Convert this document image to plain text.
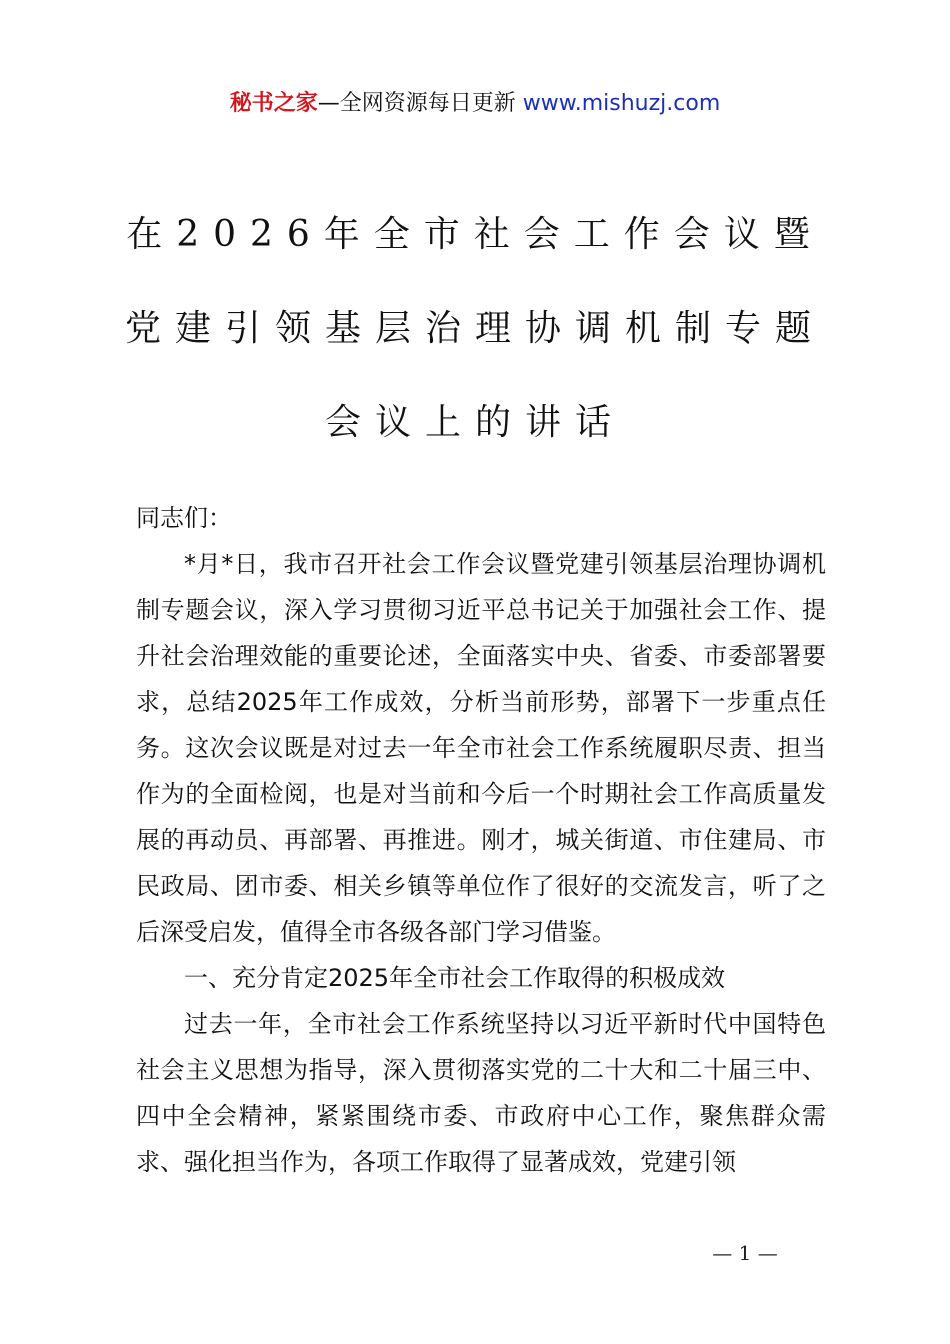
秘书之家—全网资源每日更新 www.mishuzj.com
在2026年全市社会工作会议暨党建引领基层治理协调机制专题会议上的讲话

同志们：

*月*日，我市召开社会工作会议暨党建引领基层治理协调机制专题会议，深入学习贯彻习近平总书记关于加强社会工作、提升社会治理效能的重要论述，全面落实中央、省委、市委部署要求，总结2025年工作成效，分析当前形势，部署下一步重点任务。这次会议既是对过去一年全市社会工作系统履职尽责、担当作为的全面检阅，也是对当前和今后一个时期社会工作高质量发展的再动员、再部署、再推进。刚才，城关街道、市住建局、市民政局、团市委、相关乡镇等单位作了很好的交流发言，听了之后深受启发，值得全市各级各部门学习借鉴。

一、充分肯定2025年全市社会工作取得的积极成效

过去一年，全市社会工作系统坚持以习近平新时代中国特色社会主义思想为指导，深入贯彻落实党的二十大和二十届三中、四中全会精神，紧紧围绕市委、市政府中心工作，聚焦群众需求、强化担当作为，各项工作取得了显著成效，党建引领

— 1 —
